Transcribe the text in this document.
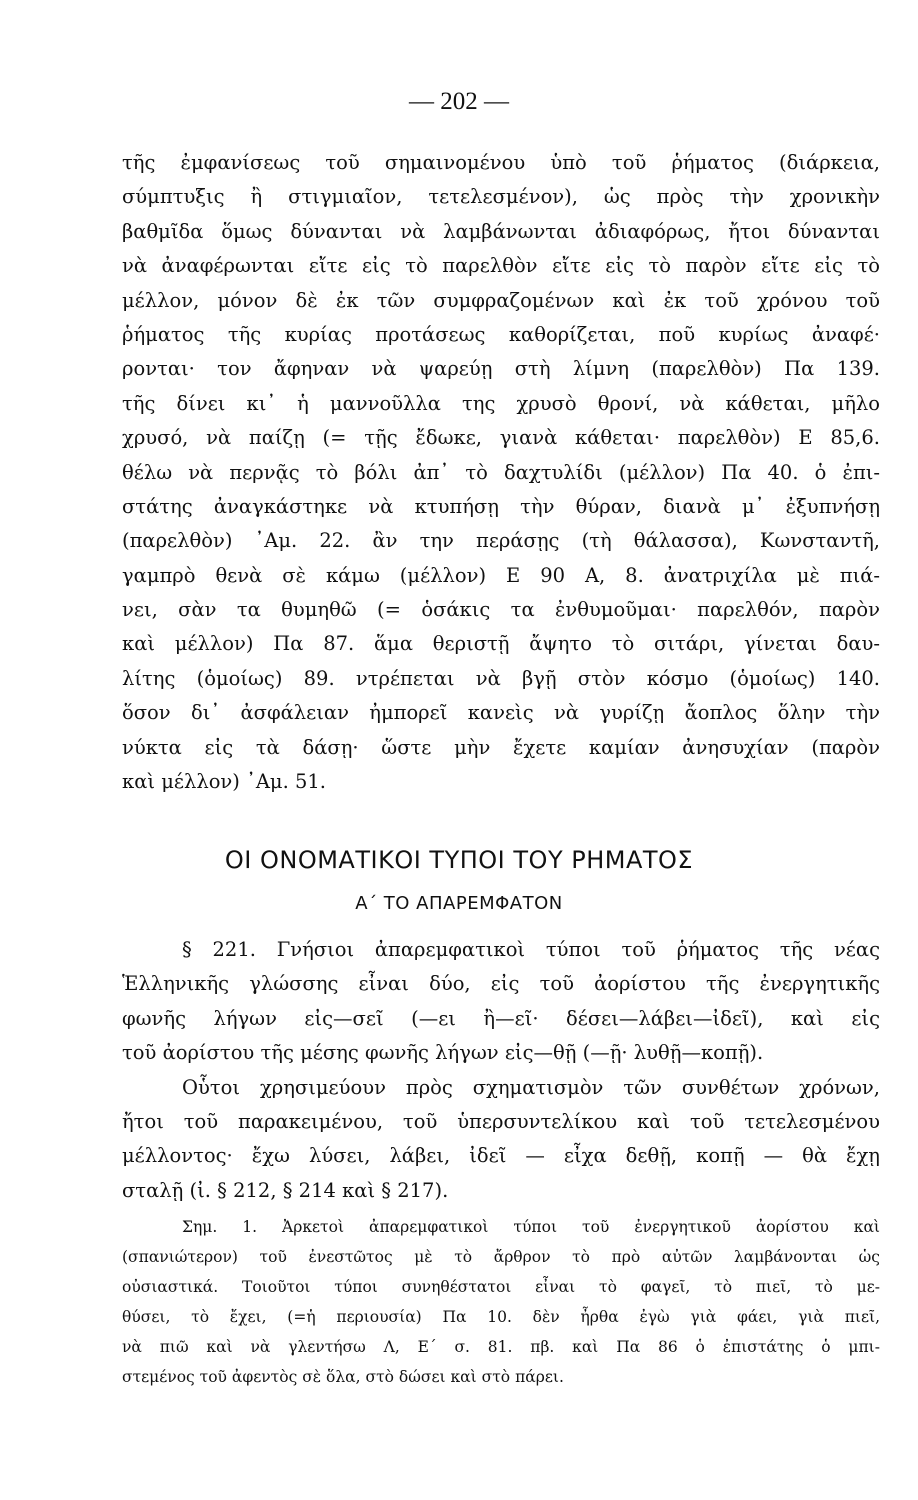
— 202 —
τῆς ἐμφανίσεως τοῦ σημαινομένου ὑπὸ τοῦ ῥήματος (διάρκεια,
σύμπτυξις ἢ στιγμιαῖον, τετελεσμένον), ὡς πρὸς τὴν χρονικὴν
βαθμῖδα ὅμως δύνανται νὰ λαμβάνωνται ἀδιαφόρως, ἤτοι δύνανται
νὰ ἀναφέρωνται εἴτε εἰς τὸ παρελθὸν εἴτε εἰς τὸ παρὸν εἴτε εἰς τὸ
μέλλον, μόνον δὲ ἐκ τῶν συμφραζομένων καὶ ἐκ τοῦ χρόνου τοῦ
ῥήματος τῆς κυρίας προτάσεως καθορίζεται, ποῦ κυρίως ἀναφέ·
ρονται· τον ἄφηναν νὰ ψαρεύῃ στὴ λίμνη (παρελθὸν) Πα 139.
τῆς δίνει κι᾽ ἡ μαννοῦλλα της χρυσὸ θρονί, νὰ κάθεται, μῆλο
χρυσό, νὰ παίζῃ (= τῇς ἔδωκε, γιανὰ κάθεται· παρελθὸν) Ε 85,6.
θέλω νὰ περνᾷς τὸ βόλι ἀπ᾽ τὸ δαχτυλίδι (μέλλον) Πα 40. ὁ ἐπι-
στάτης ἀναγκάστηκε νὰ κτυπήσῃ τὴν θύραν, διανὰ μ᾽ ἐξυπνήσῃ
(παρελθὸν) ᾽Αμ. 22. ἂν την περάσῃς (τὴ θάλασσα), Κωνσταντῆ,
γαμπρὸ θενὰ σὲ κάμω (μέλλον) Ε 90 Α, 8. ἀνατριχίλα μὲ πιά-
νει, σὰν τα θυμηθῶ (= ὁσάκις τα ἐνθυμοῦμαι· παρελθόν, παρὸν
καὶ μέλλον) Πα 87. ἅμα θεριστῇ ἄψητο τὸ σιτάρι, γίνεται δαυ-
λίτης (ὁμοίως) 89. ντρέπεται νὰ βγῇ στὸν κόσμο (ὁμοίως) 140.
ὅσον δι᾽ ἀσφάλειαν ἠμπορεῖ κανεὶς νὰ γυρίζῃ ἄοπλος ὅλην τὴν
νύκτα εἰς τὰ δάσῃ· ὥστε μὴν ἔχετε καμίαν ἀνησυχίαν (παρὸν
καὶ μέλλον) ᾽Αμ. 51.
ΟΙ ΟΝΟΜΑΤΙΚΟΙ ΤΥΠΟΙ ΤΟΥ ΡΗΜΑΤΟΣ
Α΄ ΤΟ ΑΠΑΡΕΜΦΑΤΟΝ
§ 221. Γνήσιοι ἀπαρεμφατικοὶ τύποι τοῦ ῥήματος τῆς νέας
Ἑλληνικῆς γλώσσης εἶναι δύο, εἰς τοῦ ἀορίστου τῆς ἐνεργητικῆς
φωνῆς λήγων εἰς—σεῖ (—ει ἢ—εῖ· δέσει—λάβει—ἰδεῖ), καὶ εἰς
τοῦ ἀορίστου τῆς μέσης φωνῆς λήγων εἰς—θῇ (—ῇ· λυθῇ—κοπῇ).
Οὗτοι χρησιμεύουν πρὸς σχηματισμὸν τῶν συνθέτων χρόνων,
ἤτοι τοῦ παρακειμένου, τοῦ ὑπερσυντελίκου καὶ τοῦ τετελεσμένου
μέλλοντος· ἔχω λύσει, λάβει, ἰδεῖ — εἶχα δεθῇ, κοπῇ — θὰ ἔχῃ
σταλῇ (ἰ. § 212, § 214 καὶ § 217).
Σημ. 1. Ἀρκετοὶ ἀπαρεμφατικοὶ τύποι τοῦ ἐνεργητικοῦ ἀορίστου καὶ
(σπανιώτερον) τοῦ ἐνεστῶτος μὲ τὸ ἄρθρον τὸ πρὸ αὐτῶν λαμβάνονται ὡς
οὐσιαστικά. Τοιοῦτοι τύποι συνηθέστατοι εἶναι τὸ φαγεῖ, τὸ πιεῖ, τὸ με-
θύσει, τὸ ἔχει, (=ἡ περιουσία) Πα 10. δὲν ἦρθα ἐγὼ γιὰ φάει, γιὰ πιεῖ,
νὰ πιῶ καὶ νὰ γλεντήσω Λ, Ε΄ σ. 81. πβ. καὶ Πα 86 ὁ ἐπιστάτης ὁ μπι-
στεμένος τοῦ ἀφεντὸς σὲ ὅλα, στὸ δώσει καὶ στὸ πάρει.
